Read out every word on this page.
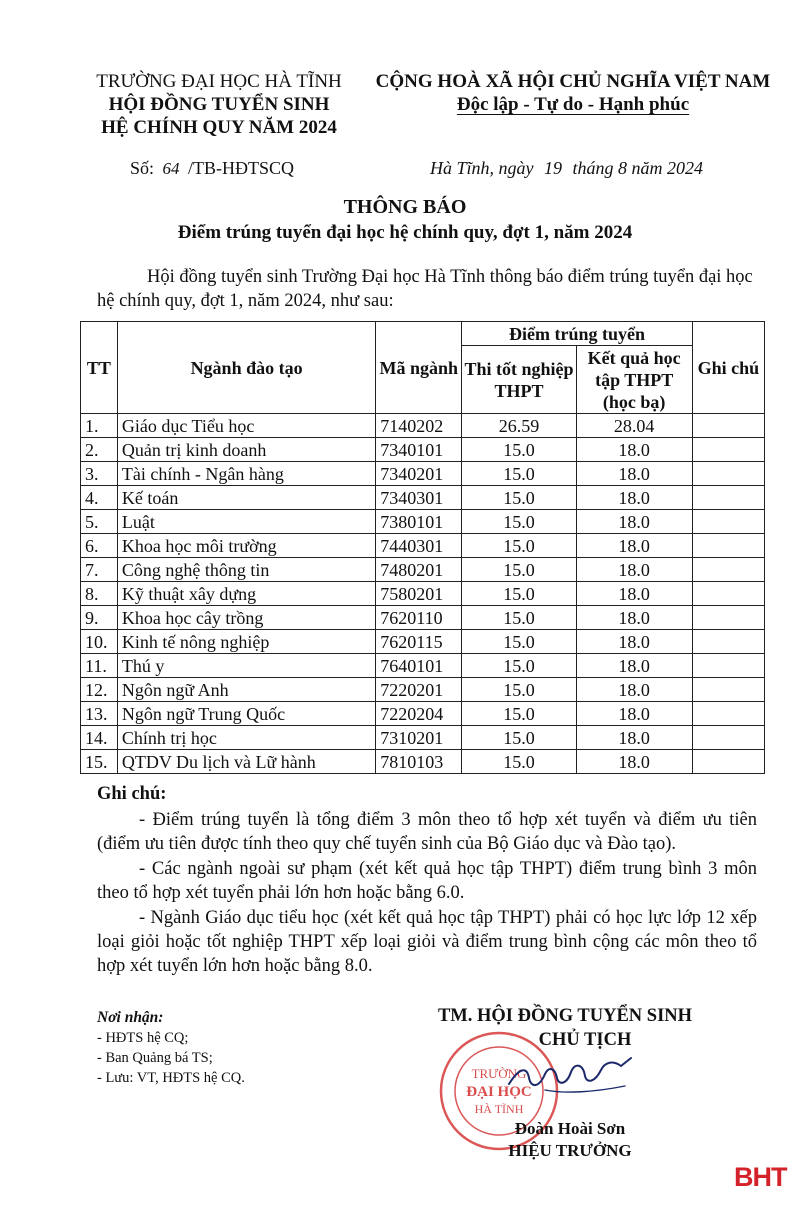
TRƯỜNG ĐẠI HỌC HÀ TĨNH
HỘI ĐỒNG TUYỂN SINH
HỆ CHÍNH QUY NĂM 2024
CỘNG HOÀ XÃ HỘI CHỦ NGHĨA VIỆT NAM
Độc lập - Tự do - Hạnh phúc
Số: 64 /TB-HĐTSCQ	Hà Tĩnh, ngày 19 tháng 8 năm 2024
THÔNG BÁO
Điểm trúng tuyển đại học hệ chính quy, đợt 1, năm 2024
Hội đồng tuyển sinh Trường Đại học Hà Tĩnh thông báo điểm trúng tuyển đại học hệ chính quy, đợt 1, năm 2024, như sau:
TT	Ngành đào tạo	Mã ngành	Điểm trúng tuyển		Ghi chú
			Thi tốt nghiệp THPT	Kết quả học tập THPT (học bạ)	
1.	Giáo dục Tiểu học	7140202	26.59	28.04	
2.	Quản trị kinh doanh	7340101	15.0	18.0	
3.	Tài chính - Ngân hàng	7340201	15.0	18.0	
4.	Kế toán	7340301	15.0	18.0	
5.	Luật	7380101	15.0	18.0	
6.	Khoa học môi trường	7440301	15.0	18.0	
7.	Công nghệ thông tin	7480201	15.0	18.0	
8.	Kỹ thuật xây dựng	7580201	15.0	18.0	
9.	Khoa học cây trồng	7620110	15.0	18.0	
10.	Kinh tế nông nghiệp	7620115	15.0	18.0	
11.	Thú y	7640101	15.0	18.0	
12.	Ngôn ngữ Anh	7220201	15.0	18.0	
13.	Ngôn ngữ Trung Quốc	7220204	15.0	18.0	
14.	Chính trị học	7310201	15.0	18.0	
15.	QTDV Du lịch và Lữ hành	7810103	15.0	18.0	
Ghi chú:

- Điểm trúng tuyển là tổng điểm 3 môn theo tổ hợp xét tuyển và điểm ưu tiên (điểm ưu tiên được tính theo quy chế tuyển sinh của Bộ Giáo dục và Đào tạo).

- Các ngành ngoài sư phạm (xét kết quả học tập THPT) điểm trung bình 3 môn theo tổ hợp xét tuyển phải lớn hơn hoặc bằng 6.0.

- Ngành Giáo dục tiểu học (xét kết quả học tập THPT) phải có học lực lớp 12 xếp loại giỏi hoặc tốt nghiệp THPT xếp loại giỏi và điểm trung bình cộng các môn theo tổ hợp xét tuyển lớn hơn hoặc bằng 8.0.

Nơi nhận:
- HĐTS hệ CQ;
- Ban Quảng bá TS;
- Lưu: VT, HĐTS hệ CQ.
TM. HỘI ĐỒNG TUYỂN SINH
CHỦ TỊCH
TRƯỜNG
ĐẠI HỌC
HÀ TĨNH
Đoàn Hoài Sơn
HIỆU TRƯỞNG
BHT
